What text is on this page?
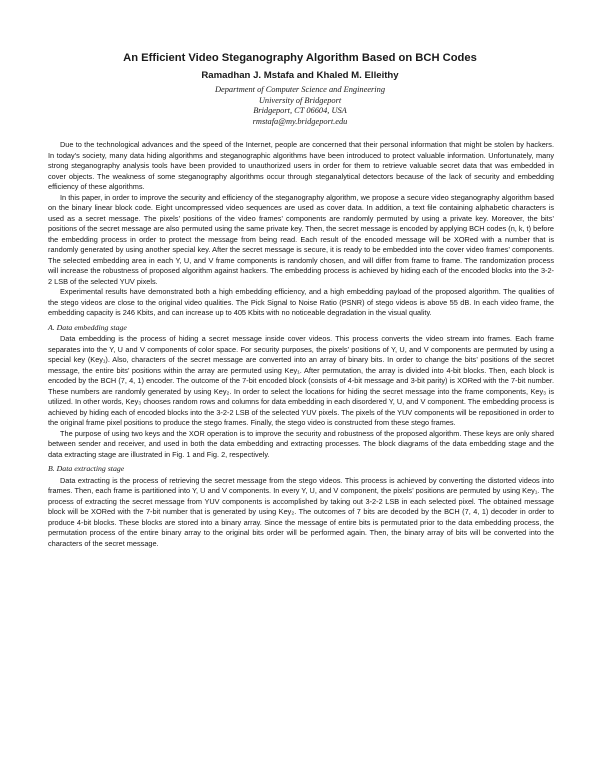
An Efficient Video Steganography Algorithm Based on BCH Codes
Ramadhan J. Mstafa and Khaled M. Elleithy
Department of Computer Science and Engineering
University of Bridgeport
Bridgeport, CT 06604, USA
rmstafa@my.bridgeport.edu

Due to the technological advances and the speed of the Internet, people are concerned that their personal information that might be stolen by hackers. In today’s society, many data hiding algorithms and steganographic algorithms have been introduced to protect valuable information. Unfortunately, many strong steganography analysis tools have been provided to unauthorized users in order for them to retrieve valuable secret data that was embedded in cover objects. The weakness of some steganography algorithms occur through steganalytical detectors because of the lack of security and embedding efficiency of these algorithms.

In this paper, in order to improve the security and efficiency of the steganography algorithm, we propose a secure video steganography algorithm based on the binary linear block code. Eight uncompressed video sequences are used as cover data. In addition, a text file containing alphabetic characters is used as a secret message. The pixels’ positions of the video frames’ components are randomly permuted by using a private key. Moreover, the bits’ positions of the secret message are also permuted using the same private key. Then, the secret message is encoded by applying BCH codes (n, k, t) before the embedding process in order to protect the message from being read. Each result of the encoded message will be XORed with a number that is randomly generated by using another special key. After the secret message is secure, it is ready to be embedded into the cover video frames’ components. The selected embedding area in each Y, U, and V frame components is randomly chosen, and will differ from frame to frame. The randomization process will increase the robustness of proposed algorithm against hackers. The embedding process is achieved by hiding each of the encoded blocks into the 3-2-2 LSB of the selected YUV pixels.

Experimental results have demonstrated both a high embedding efficiency, and a high embedding payload of the proposed algorithm. The qualities of the stego videos are close to the original video qualities. The Pick Signal to Noise Ratio (PSNR) of stego videos is above 55 dB. In each video frame, the embedding capacity is 246 Kbits, and can increase up to 405 Kbits with no noticeable degradation in the visual quality.

A. Data embedding stage

Data embedding is the process of hiding a secret message inside cover videos. This process converts the video stream into frames. Each frame separates into the Y, U and V components of color space. For security purposes, the pixels’ positions of Y, U, and V components are permuted by using a special key (Key₁). Also, characters of the secret message are converted into an array of binary bits. In order to change the bits’ positions of the secret message, the entire bits’ positions within the array are permuted using Key₁. After permutation, the array is divided into 4-bit blocks. Then, each block is encoded by the BCH (7, 4, 1) encoder. The outcome of the 7-bit encoded block (consists of 4-bit message and 3-bit parity) is XORed with the 7-bit number. These numbers are randomly generated by using Key₂. In order to select the locations for hiding the secret message into the frame components, Key₃ is utilized. In other words, Key₃ chooses random rows and columns for data embedding in each disordered Y, U, and V component. The embedding process is achieved by hiding each of encoded blocks into the 3-2-2 LSB of the selected YUV pixels. The pixels of the YUV components will be repositioned in order to the original frame pixel positions to produce the stego frames. Finally, the stego video is constructed from these stego frames.

The purpose of using two keys and the XOR operation is to improve the security and robustness of the proposed algorithm. These keys are only shared between sender and receiver, and used in both the data embedding and extracting processes. The block diagrams of the data embedding stage and the data extracting stage are illustrated in Fig. 1 and Fig. 2, respectively.

B. Data extracting stage

Data extracting is the process of retrieving the secret message from the stego videos. This process is achieved by converting the distorted videos into frames. Then, each frame is partitioned into Y, U and V components. In every Y, U, and V component, the pixels’ positions are permuted by using Key₁. The process of extracting the secret message from YUV components is accomplished by taking out 3-2-2 LSB in each selected pixel. The obtained message block will be XORed with the 7-bit number that is generated by using Key₂. The outcomes of 7 bits are decoded by the BCH (7, 4, 1) decoder in order to produce 4-bit blocks. These blocks are stored into a binary array. Since the message of entire bits is permutated prior to the data embedding process, the permutation process of the entire binary array to the original bits order will be performed again. Then, the binary array of bits will be converted into the characters of the secret message.
